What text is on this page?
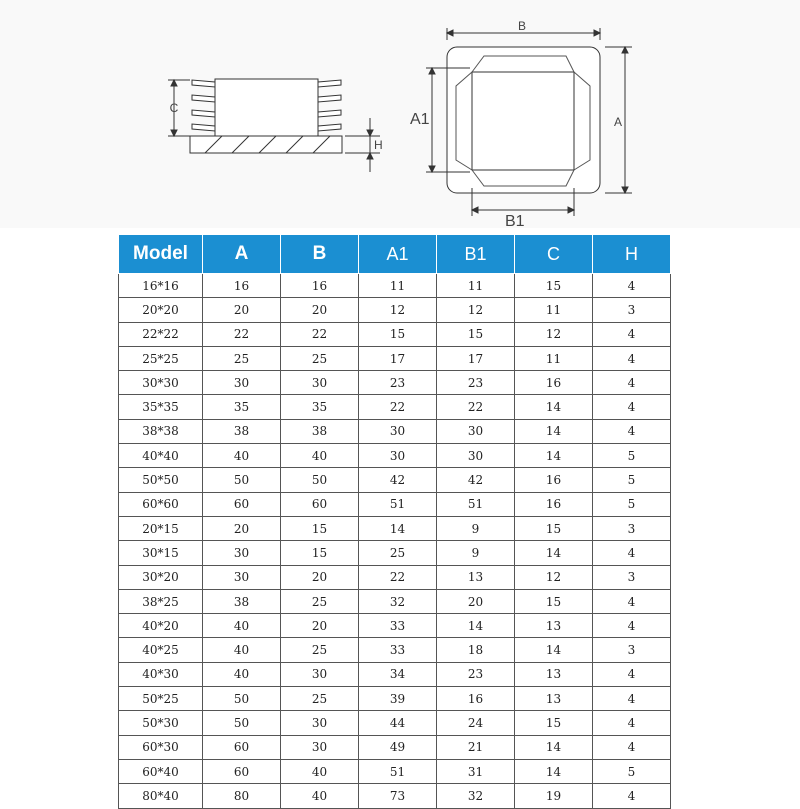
C
H
B
A
A1
B1
Model	A	B	A1	B1	C	H
16*16	16	16	11	11	15	4
20*20	20	20	12	12	11	3
22*22	22	22	15	15	12	4
25*25	25	25	17	17	11	4
30*30	30	30	23	23	16	4
35*35	35	35	22	22	14	4
38*38	38	38	30	30	14	4
40*40	40	40	30	30	14	5
50*50	50	50	42	42	16	5
60*60	60	60	51	51	16	5
20*15	20	15	14	9	15	3
30*15	30	15	25	9	14	4
30*20	30	20	22	13	12	3
38*25	38	25	32	20	15	4
40*20	40	20	33	14	13	4
40*25	40	25	33	18	14	3
40*30	40	30	34	23	13	4
50*25	50	25	39	16	13	4
50*30	50	30	44	24	15	4
60*30	60	30	49	21	14	4
60*40	60	40	51	31	14	5
80*40	80	40	73	32	19	4
